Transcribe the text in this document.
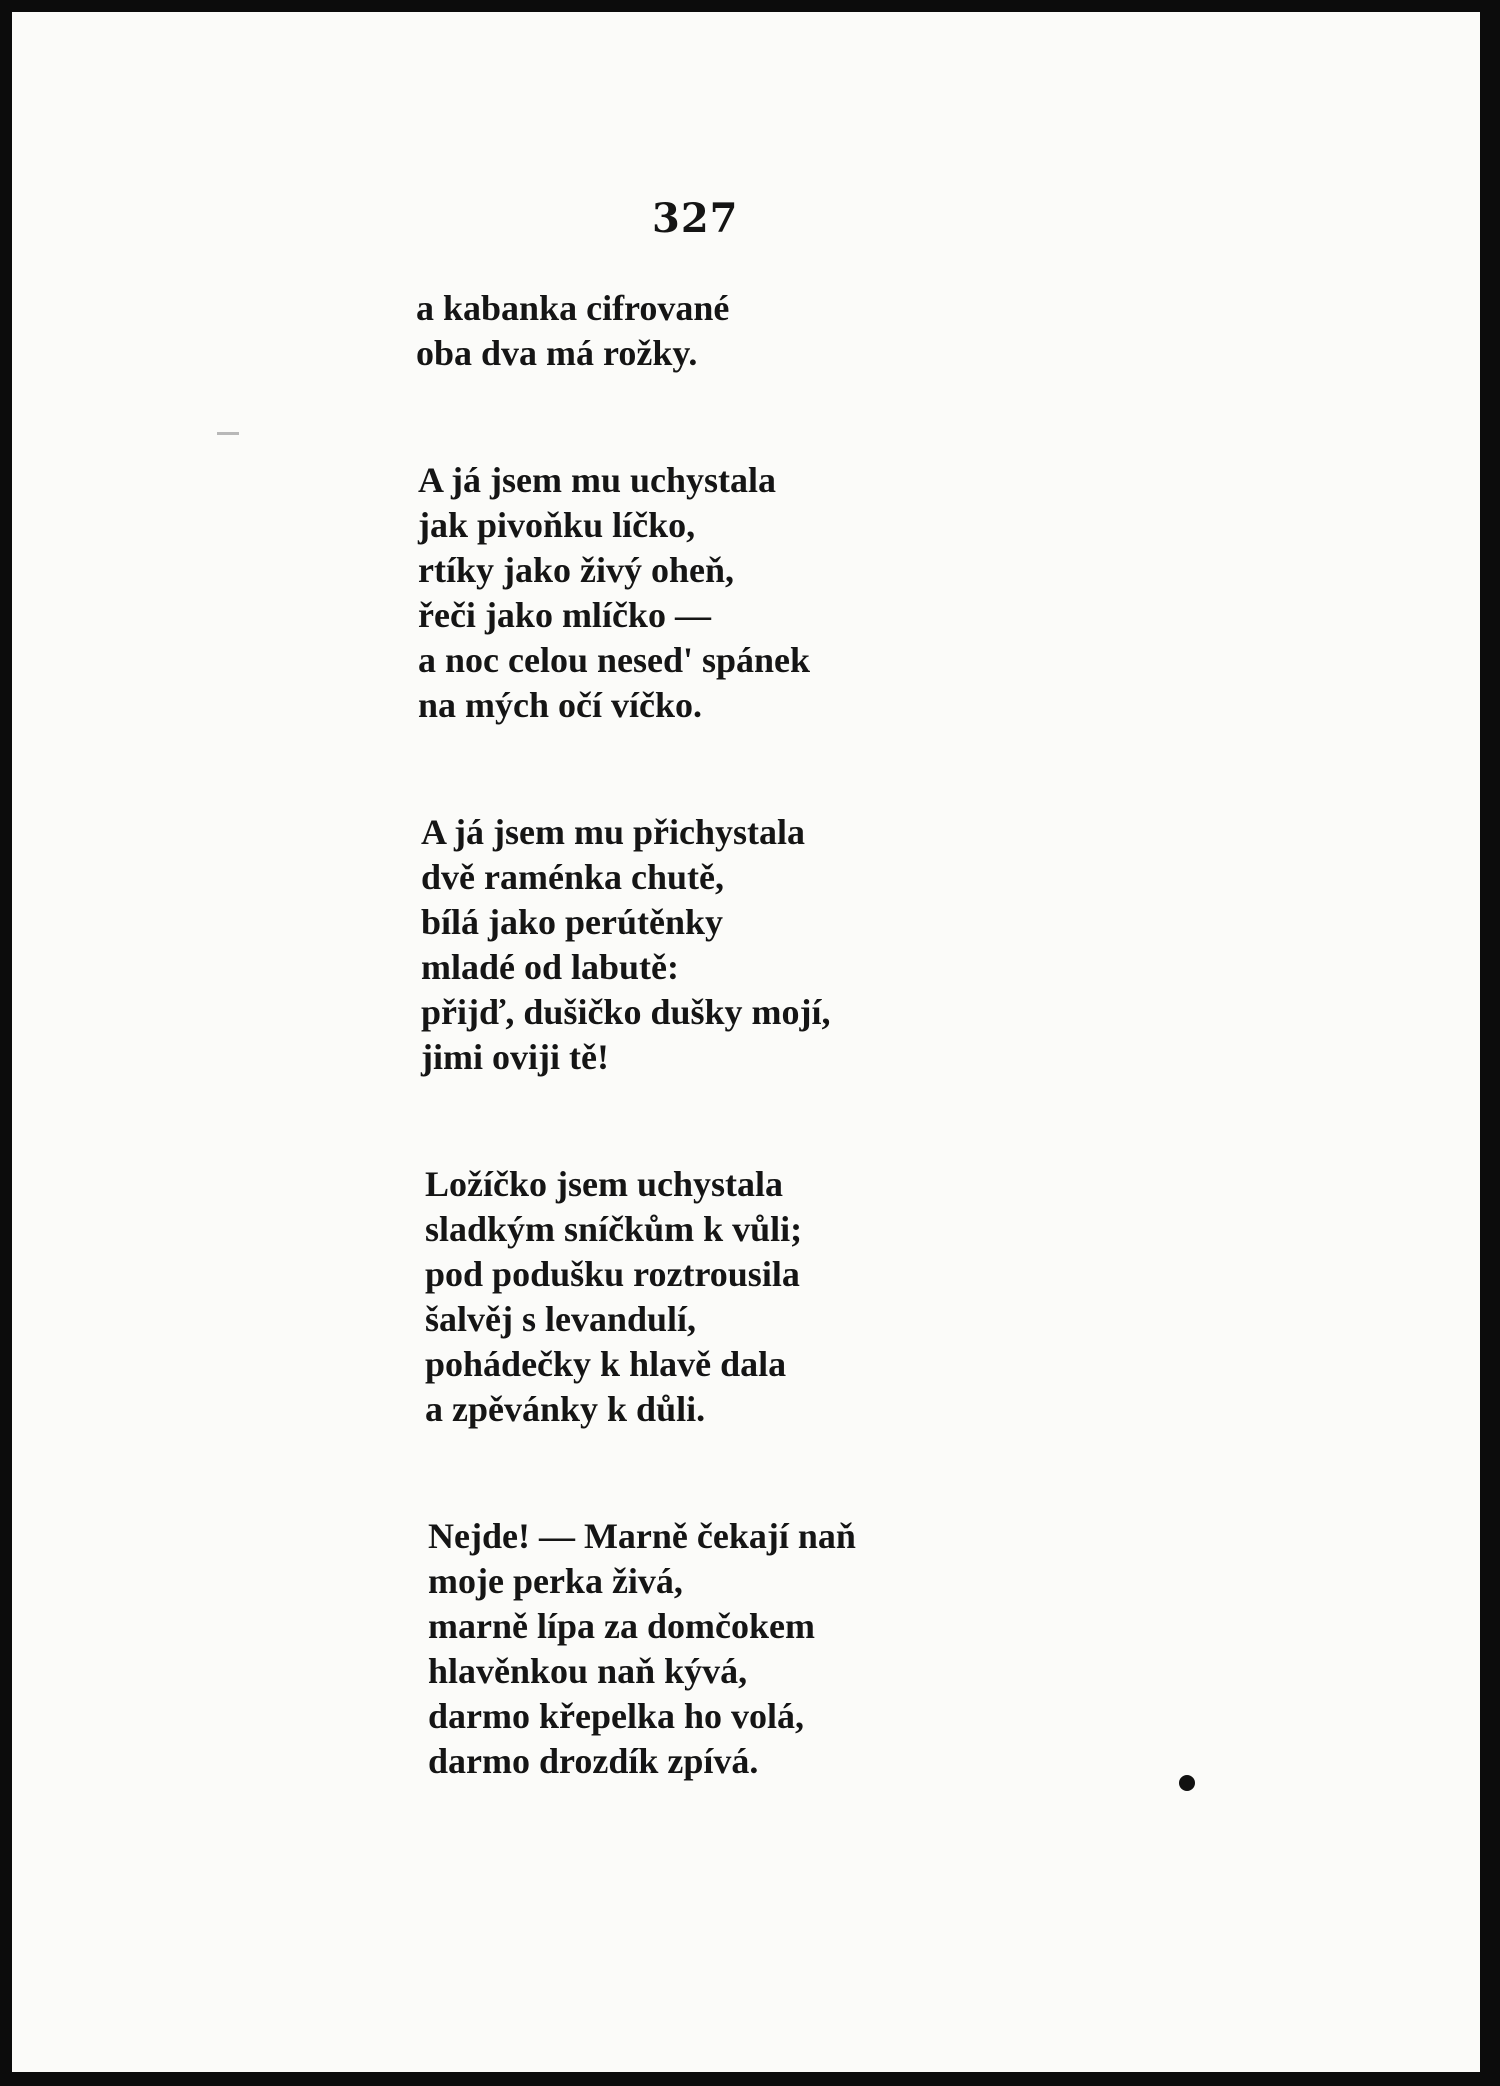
327
a kabanka cifrované
oba dva má rožky.
A já jsem mu uchystala
jak pivoňku líčko,
rtíky jako živý oheň,
řeči jako mlíčko —
a noc celou nesed' spánek
na mých očí víčko.
A já jsem mu přichystala
dvě raménka chutě,
bílá jako perútěnky
mladé od labutě:
přijď, dušičko dušky mojí,
jimi oviji tě!
Ložíčko jsem uchystala
sladkým sníčkům k vůli;
pod podušku roztrousila
šalvěj s levandulí,
pohádečky k hlavě dala
a zpěvánky k důli.
Nejde! — Marně čekají naň
moje perka živá,
marně lípa za domčokem
hlavěnkou naň kývá,
darmo křepelka ho volá,
darmo drozdík zpívá.
